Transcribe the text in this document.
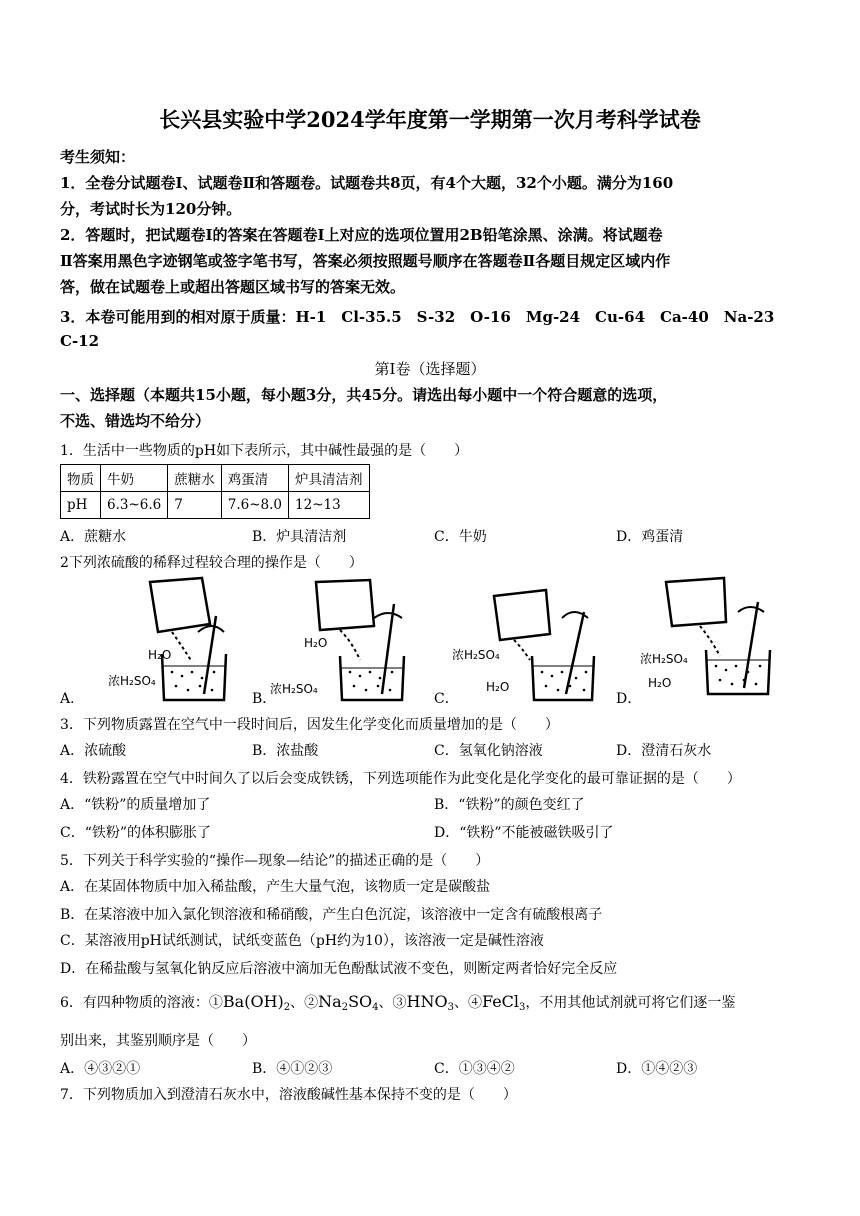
长兴县实验中学2024学年度第一学期第一次月考科学试卷
考生须知：
1．全卷分试题卷Ⅰ、试题卷Ⅱ和答题卷。试题卷共8页，有4个大题，32个小题。满分为160
分，考试时长为120分钟。
2．答题时，把试题卷Ⅰ的答案在答题卷Ⅰ上对应的选项位置用2B铅笔涂黑、涂满。将试题卷
Ⅱ答案用黑色字迹钢笔或签字笔书写，答案必须按照题号顺序在答题卷Ⅱ各题目规定区域内作
答，做在试题卷上或超出答题区域书写的答案无效。
3．本卷可能用到的相对原于质量：H-1　Cl-35.5　S-32　O-16　Mg-24　Cu-64　Ca-40　Na-23
C-12
第Ⅰ卷（选择题）
一、选择题（本题共15小题，每小题3分，共45分。请选出每小题中一个符合题意的选项，
不选、错选均不给分）
1．生活中一些物质的pH如下表所示，其中碱性最强的是（　　）
物质	牛奶	蔗糖水	鸡蛋清	炉具清洁剂
pH	6.3~6.6	7	7.6~8.0	12~13
A．蔗糖水	B．炉具清洁剂	C．牛奶	D．鸡蛋清
2下列浓硫酸的稀释过程较合理的操作是（　　）
H₂O
浓H₂SO₄
H₂O
浓H₂SO₄
浓H₂SO₄
H₂O
浓H₂SO₄
H₂O
A．	B．	C．	D．
3．下列物质露置在空气中一段时间后，因发生化学变化而质量增加的是（　　）
A．浓硫酸	B．浓盐酸	C．氢氧化钠溶液	D．澄清石灰水
4．铁粉露置在空气中时间久了以后会变成铁锈，下列选项能作为此变化是化学变化的最可靠证据的是（　　）
A．“铁粉”的质量增加了	B．“铁粉”的颜色变红了
C．“铁粉”的体积膨胀了	D．“铁粉”不能被磁铁吸引了
5．下列关于科学实验的“操作—现象—结论”的描述正确的是（　　）
A．在某固体物质中加入稀盐酸，产生大量气泡，该物质一定是碳酸盐
B．在某溶液中加入氯化钡溶液和稀硝酸，产生白色沉淀，该溶液中一定含有硫酸根离子
C．某溶液用pH试纸测试，试纸变蓝色（pH约为10），该溶液一定是碱性溶液
D．在稀盐酸与氢氧化钠反应后溶液中滴加无色酚酞试液不变色，则断定两者恰好完全反应
6．有四种物质的溶液：$①Ba(OH)_2$、$②Na_2SO_4$、$③HNO_3$、④FeCl$_3$，不用其他试剂就可将它们逐一鉴
别出来，其鉴别顺序是（　　）
A．④③②①	B．④①②③	C．①③④②	D．①④②③
7．下列物质加入到澄清石灰水中，溶液酸碱性基本保持不变的是（　　）
